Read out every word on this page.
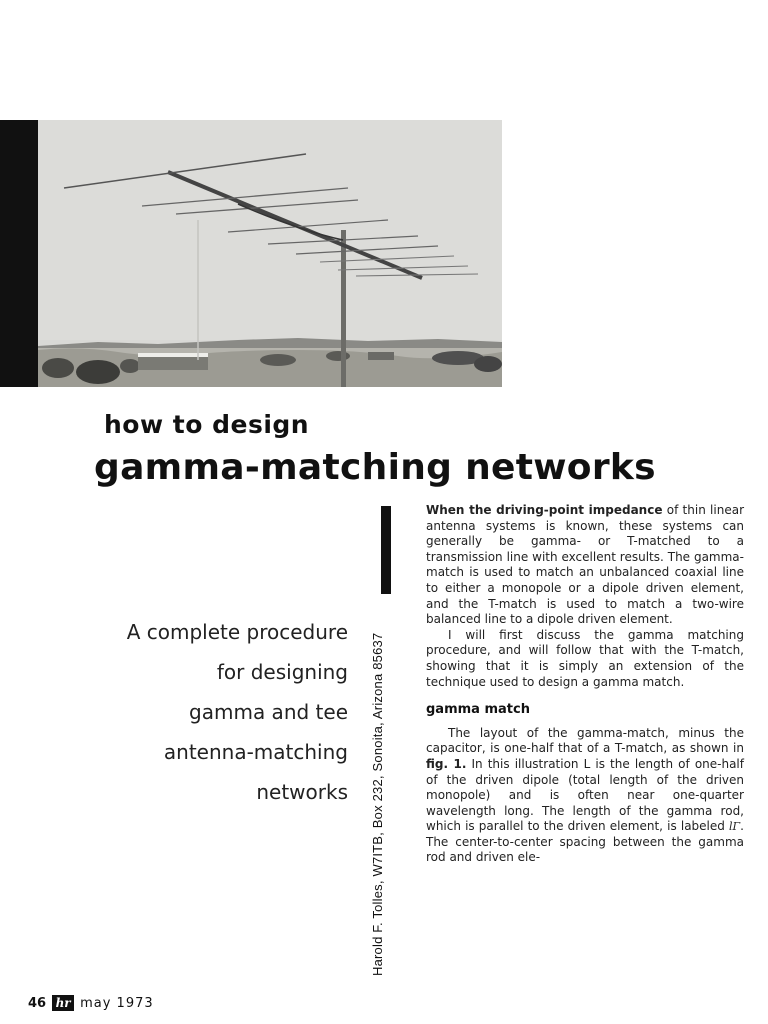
how to design
gamma-matching networks
A complete procedure
for designing
gamma and tee
antenna-matching
networks Harold F. Tolles, W7ITB, Box 232, Sonoita, Arizona 85637

When the driving-point impedance of thin linear antenna systems is known, these systems can generally be gamma- or T-matched to a transmission line with excellent results. The gamma-match is used to match an unbalanced coaxial line to either a monopole or a dipole driven element, and the T-match is used to match a two-wire balanced line to a dipole driven element.

I will first discuss the gamma matching procedure, and will follow that with the T-match, showing that it is simply an extension of the technique used to design a gamma match.

gamma match

The layout of the gamma-match, minus the capacitor, is one-half that of a T-match, as shown in fig. 1. In this illustration L is the length of one-half of the driven dipole (total length of the driven monopole) and is often near one-quarter wavelength long. The length of the gamma rod, which is parallel to the driven element, is labeled lΓ. The center-to-center spacing between the gamma rod and driven ele-

46 hr may 1973
